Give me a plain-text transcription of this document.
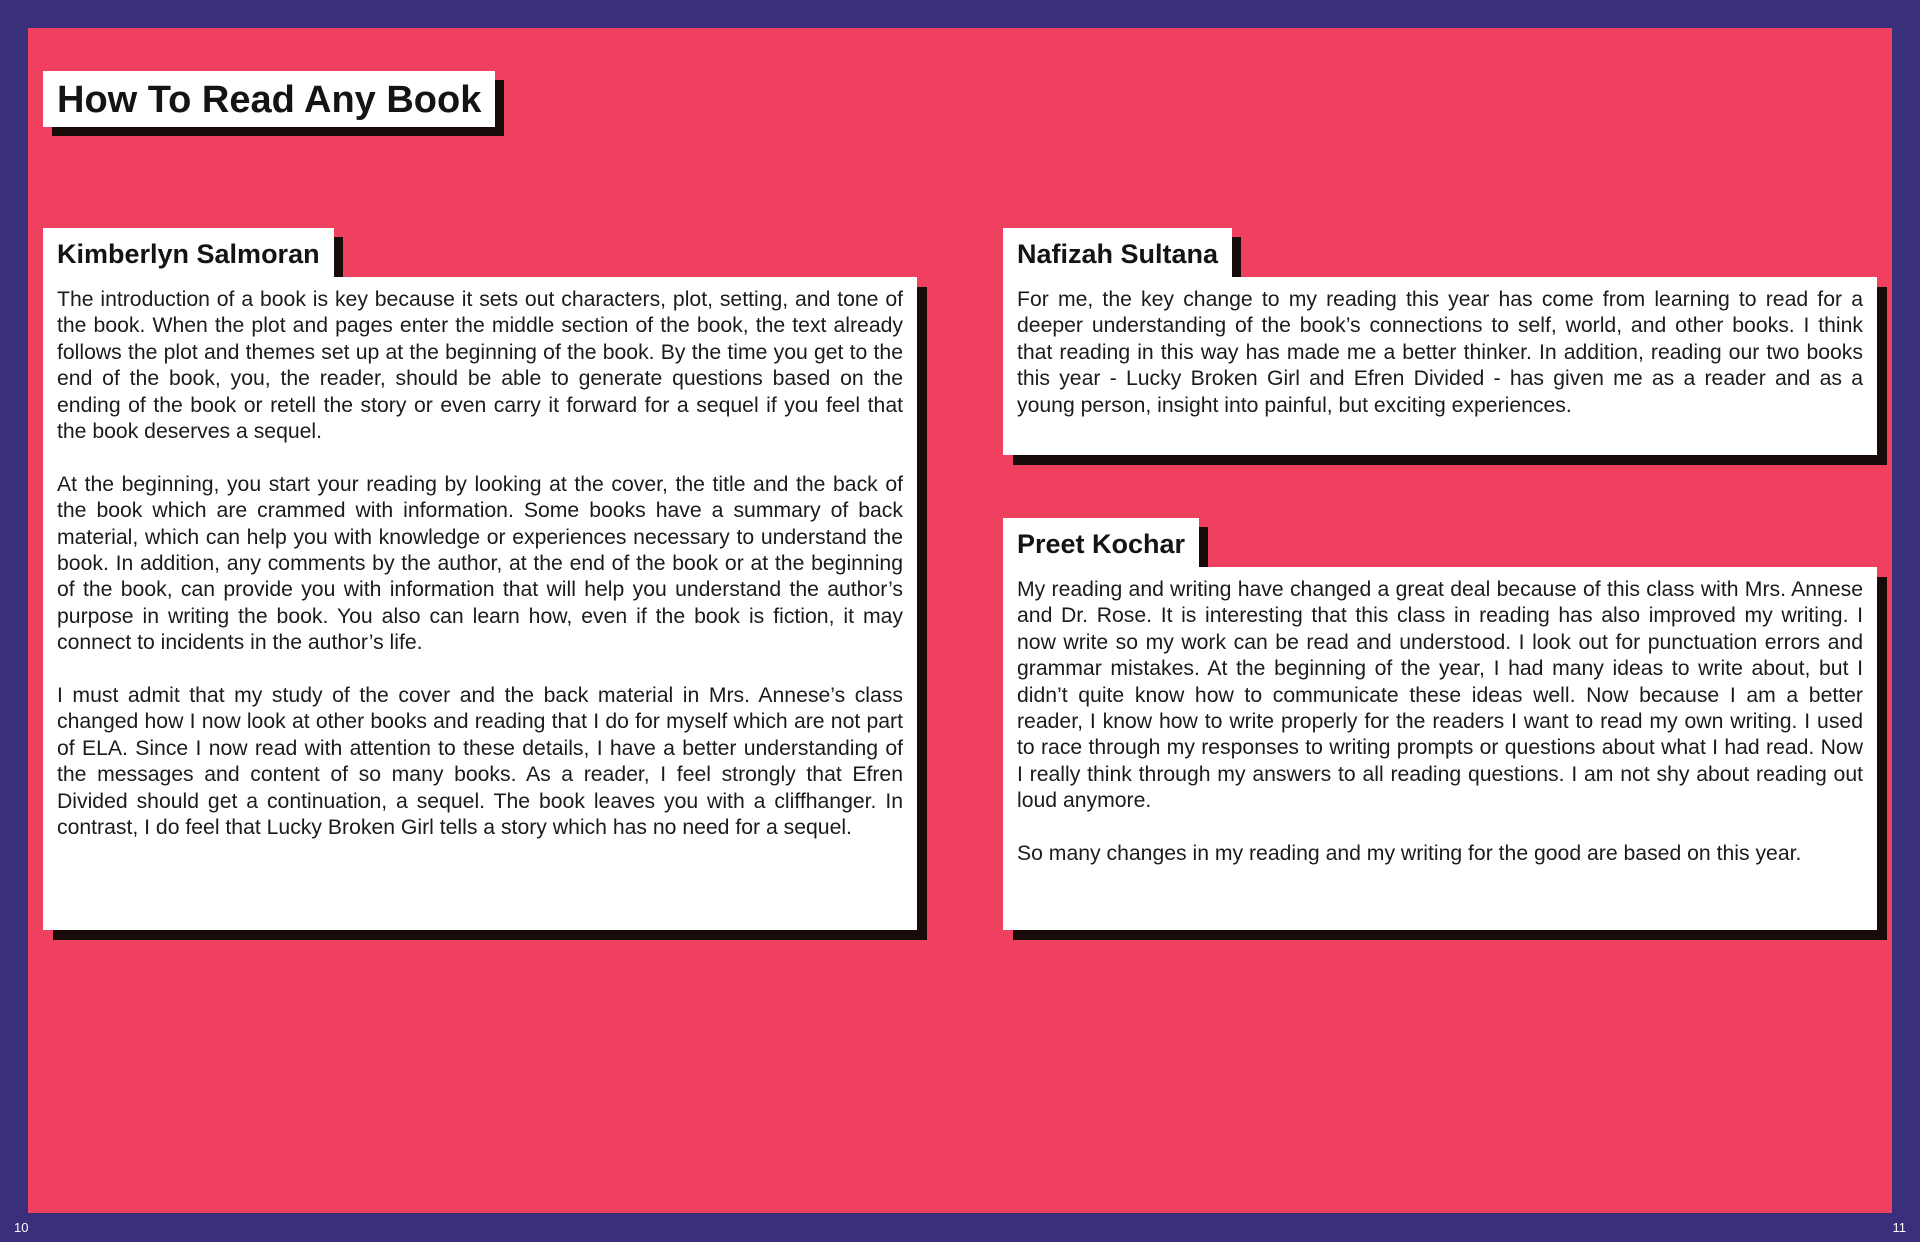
How To Read Any Book
Kimberlyn Salmoran

The introduction of a book is key because it sets out characters, plot, setting, and tone of the book. When the plot and pages enter the middle section of the book, the text already follows the plot and themes set up at the beginning of the book. By the time you get to the end of the book, you, the reader, should be able to generate questions based on the ending of the book or retell the story or even carry it forward for a sequel if you feel that the book deserves a sequel.

At the beginning, you start your reading by looking at the cover, the title and the back of the book which are crammed with information. Some books have a summary of back material, which can help you with knowledge or experiences necessary to understand the book. In addition, any comments by the author, at the end of the book or at the beginning of the book, can provide you with information that will help you understand the author’s purpose in writing the book. You also can learn how, even if the book is fiction, it may connect to incidents in the author’s life.

I must admit that my study of the cover and the back material in Mrs. Annese’s class changed how I now look at other books and reading that I do for myself which are not part of ELA. Since I now read with attention to these details, I have a better understanding of the messages and content of so many books. As a reader, I feel strongly that Efren Divided should get a continuation, a sequel. The book leaves you with a cliffhanger. In contrast, I do feel that Lucky Broken Girl tells a story which has no need for a sequel.

Nafizah Sultana

For me, the key change to my reading this year has come from learning to read for a deeper understanding of the book’s connections to self, world, and other books. I think that reading in this way has made me a better thinker. In addition, reading our two books this year - Lucky Broken Girl and Efren Divided - has given me as a reader and as a young person, insight into painful, but exciting experiences.

Preet Kochar

My reading and writing have changed a great deal because of this class with Mrs. Annese and Dr. Rose. It is interesting that this class in reading has also improved my writing. I now write so my work can be read and understood. I look out for punctuation errors and grammar mistakes. At the beginning of the year, I had many ideas to write about, but I didn’t quite know how to communicate these ideas well. Now because I am a better reader, I know how to write properly for the readers I want to read my own writing. I used to race through my responses to writing prompts or questions about what I had read. Now I really think through my answers to all reading questions. I am not shy about reading out loud anymore.

So many changes in my reading and my writing for the good are based on this year.

10	11
